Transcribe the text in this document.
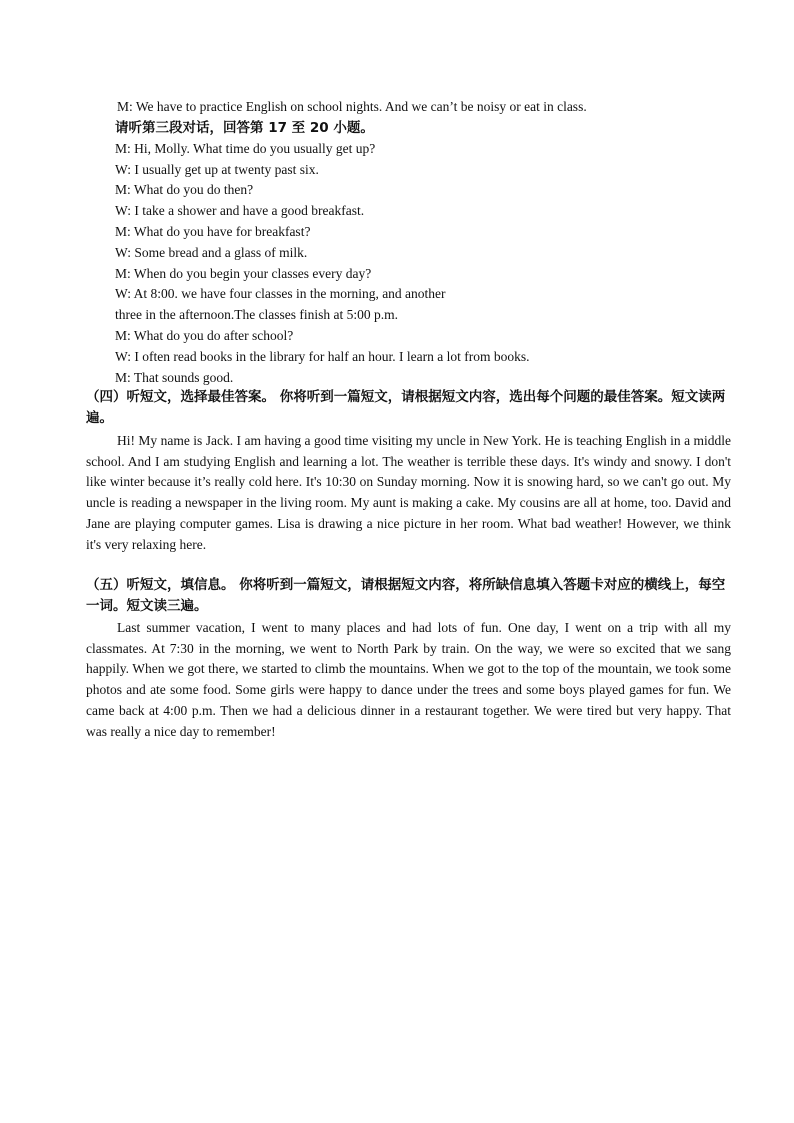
M: We have to practice English on school nights. And we can’t be noisy or eat in class.
请听第三段对话，回答第 17 至 20 小题。
M: Hi, Molly. What time do you usually get up?
W: I usually get up at twenty past six.
M: What do you do then?
W: I take a shower and have a good breakfast.
M: What do you have for breakfast?
W: Some bread and a glass of milk.
M: When do you begin your classes every day?
W: At 8:00. we have four classes in the morning, and another
three in the afternoon.The classes finish at 5:00 p.m.
M: What do you do after school?
W: I often read books in the library for half an hour. I learn a lot from books.
M: That sounds good.
（四）听短文，选择最佳答案。 你将听到一篇短文，请根据短文内容，选出每个问题的最佳答案。短文读两遍。

Hi! My name is Jack. I am having a good time visiting my uncle in New York. He is teaching English in a middle school. And I am studying English and learning a lot. The weather is terrible these days. It's windy and snowy. I don't like winter because it’s really cold here. It's 10:30 on Sunday morning. Now it is snowing hard, so we can't go out. My uncle is reading a newspaper in the living room. My aunt is making a cake. My cousins are all at home, too. David and Jane are playing computer games. Lisa is drawing a nice picture in her room. What bad weather! However, we think it's very relaxing here.

（五）听短文，填信息。 你将听到一篇短文，请根据短文内容，将所缺信息填入答题卡对应的横线上，每空一词。短文读三遍。

Last summer vacation, I went to many places and had lots of fun. One day, I went on a trip with all my classmates. At 7:30 in the morning, we went to North Park by train. On the way, we were so excited that we sang happily. When we got there, we started to climb the mountains. When we got to the top of the mountain, we took some photos and ate some food. Some girls were happy to dance under the trees and some boys played games for fun. We came back at 4:00 p.m. Then we had a delicious dinner in a restaurant together. We were tired but very happy. That was really a nice day to remember!
